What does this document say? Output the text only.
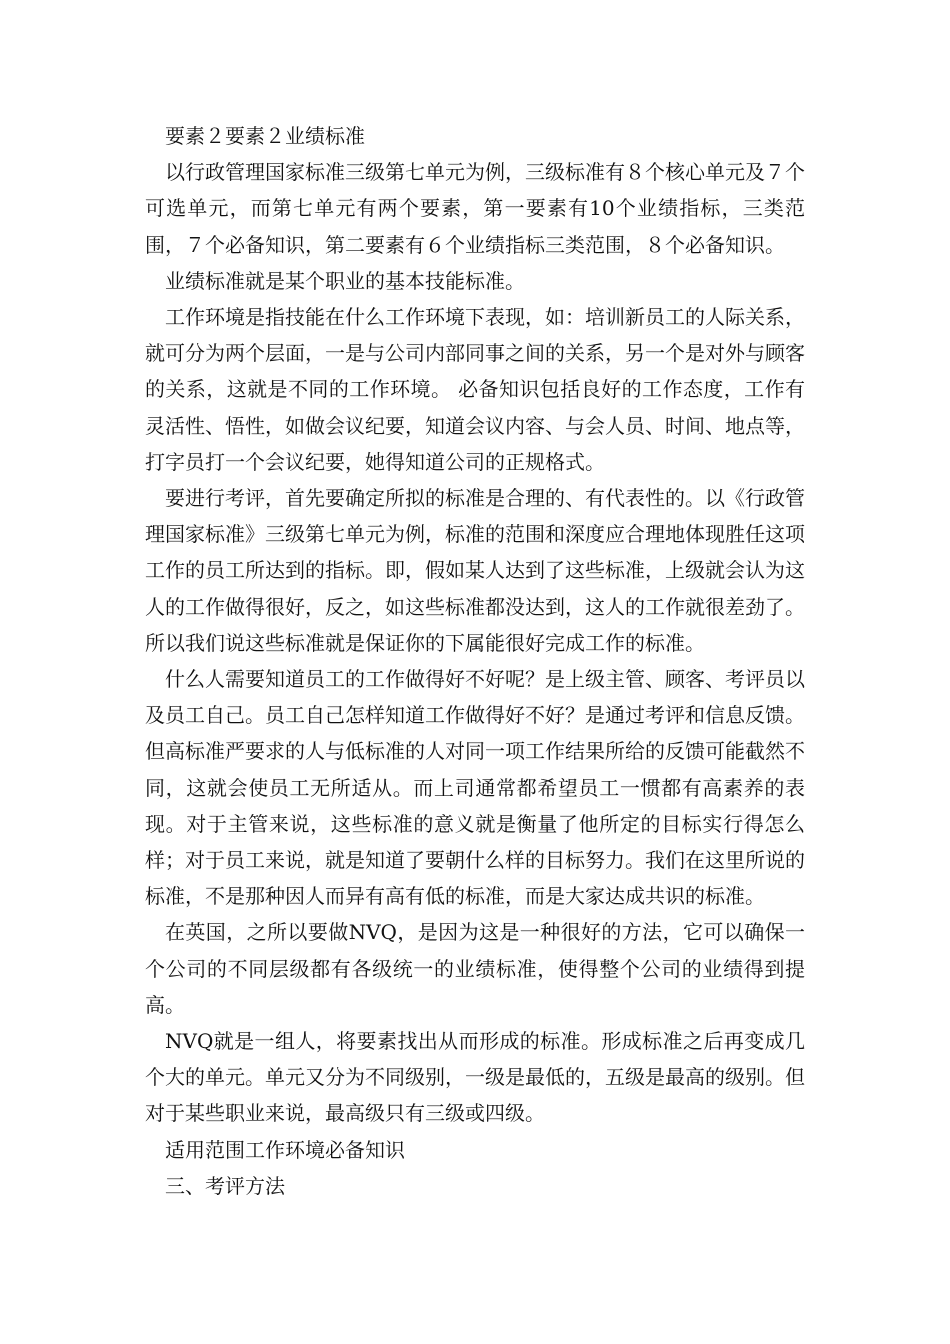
要素２要素２业绩标准

以行政管理国家标准三级第七单元为例，三级标准有８个核心单元及７个可选单元，而第七单元有两个要素，第一要素有10个业绩指标，三类范围，７个必备知识，第二要素有６个业绩指标三类范围，８个必备知识。

业绩标准就是某个职业的基本技能标准。

工作环境是指技能在什么工作环境下表现，如：培训新员工的人际关系，就可分为两个层面，一是与公司内部同事之间的关系，另一个是对外与顾客的关系，这就是不同的工作环境。 必备知识包括良好的工作态度，工作有灵活性、悟性，如做会议纪要，知道会议内容、与会人员、时间、地点等，打字员打一个会议纪要，她得知道公司的正规格式。

要进行考评，首先要确定所拟的标准是合理的、有代表性的。以《行政管理国家标准》三级第七单元为例，标准的范围和深度应合理地体现胜任这项工作的员工所达到的指标。即，假如某人达到了这些标准，上级就会认为这人的工作做得很好，反之，如这些标准都没达到，这人的工作就很差劲了。所以我们说这些标准就是保证你的下属能很好完成工作的标准。

什么人需要知道员工的工作做得好不好呢？是上级主管、顾客、考评员以及员工自己。员工自己怎样知道工作做得好不好？是通过考评和信息反馈。但高标准严要求的人与低标准的人对同一项工作结果所给的反馈可能截然不同，这就会使员工无所适从。而上司通常都希望员工一惯都有高素养的表现。对于主管来说，这些标准的意义就是衡量了他所定的目标实行得怎么样；对于员工来说，就是知道了要朝什么样的目标努力。我们在这里所说的标准，不是那种因人而异有高有低的标准，而是大家达成共识的标准。

在英国，之所以要做NVQ，是因为这是一种很好的方法，它可以确保一个公司的不同层级都有各级统一的业绩标准，使得整个公司的业绩得到提高。

NVQ就是一组人，将要素找出从而形成的标准。形成标准之后再变成几个大的单元。单元又分为不同级别，一级是最低的，五级是最高的级别。但对于某些职业来说，最高级只有三级或四级。

适用范围工作环境必备知识

三、考评方法
